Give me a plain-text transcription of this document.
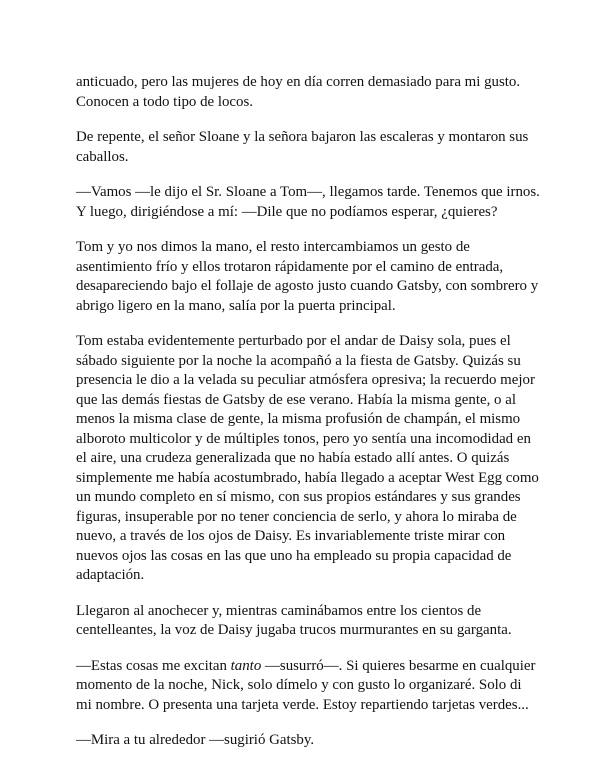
anticuado, pero las mujeres de hoy en día corren demasiado para mi gusto. Conocen a todo tipo de locos.

De repente, el señor Sloane y la señora bajaron las escaleras y montaron sus caballos.

—Vamos —le dijo el Sr. Sloane a Tom—, llegamos tarde. Tenemos que irnos. Y luego, dirigiéndose a mí: —Dile que no podíamos esperar, ¿quieres?

Tom y yo nos dimos la mano, el resto intercambiamos un gesto de asentimiento frío y ellos trotaron rápidamente por el camino de entrada, desapareciendo bajo el follaje de agosto justo cuando Gatsby, con sombrero y abrigo ligero en la mano, salía por la puerta principal.

Tom estaba evidentemente perturbado por el andar de Daisy sola, pues el sábado siguiente por la noche la acompañó a la fiesta de Gatsby. Quizás su presencia le dio a la velada su peculiar atmósfera opresiva; la recuerdo mejor que las demás fiestas de Gatsby de ese verano. Había la misma gente, o al menos la misma clase de gente, la misma profusión de champán, el mismo alboroto multicolor y de múltiples tonos, pero yo sentía una incomodidad en el aire, una crudeza generalizada que no había estado allí antes. O quizás simplemente me había acostumbrado, había llegado a aceptar West Egg como un mundo completo en sí mismo, con sus propios estándares y sus grandes figuras, insuperable por no tener conciencia de serlo, y ahora lo miraba de nuevo, a través de los ojos de Daisy. Es invariablemente triste mirar con nuevos ojos las cosas en las que uno ha empleado su propia capacidad de adaptación.

Llegaron al anochecer y, mientras caminábamos entre los cientos de centelleantes, la voz de Daisy jugaba trucos murmurantes en su garganta.

—Estas cosas me excitan tanto —susurró—. Si quieres besarme en cualquier momento de la noche, Nick, solo dímelo y con gusto lo organizaré. Solo di mi nombre. O presenta una tarjeta verde. Estoy repartiendo tarjetas verdes...

—Mira a tu alrededor —sugirió Gatsby.
